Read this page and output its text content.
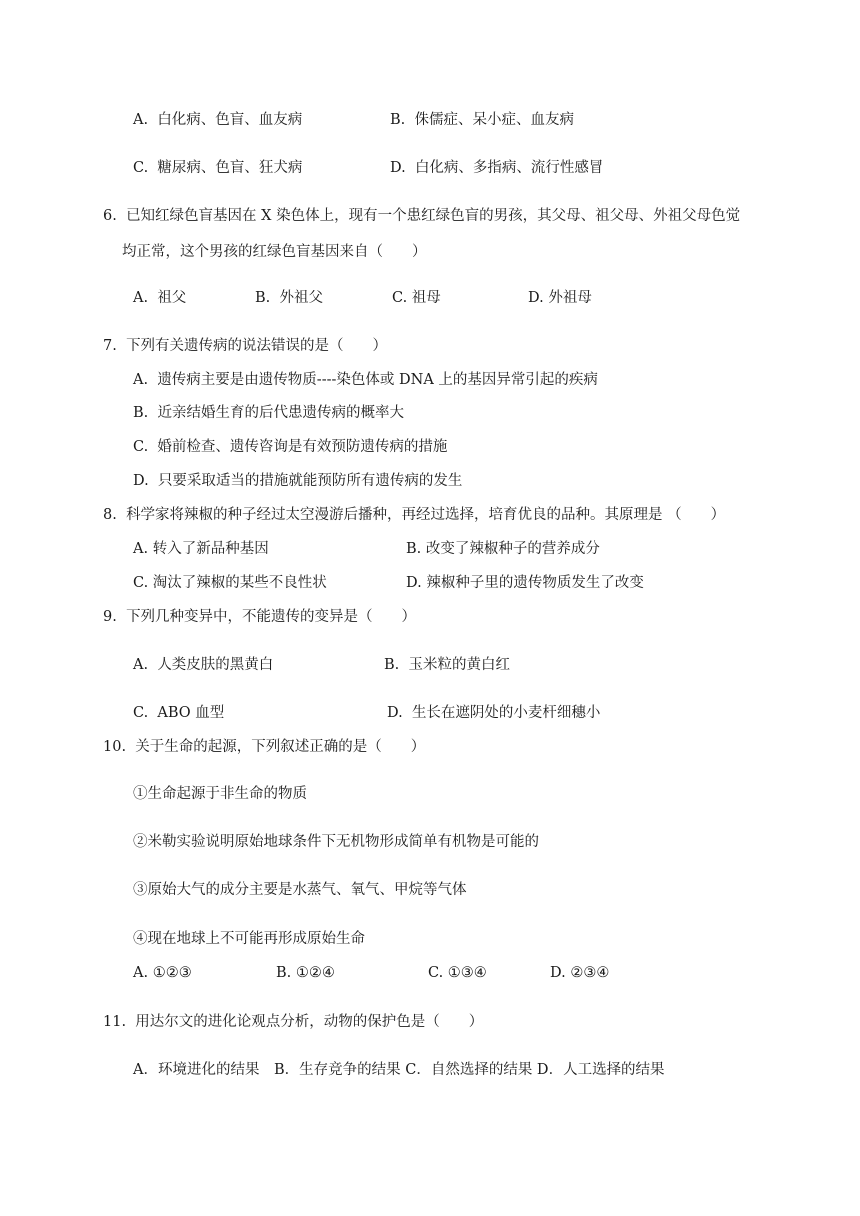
A. 白化病、色盲、血友病	B. 侏儒症、呆小症、血友病
C. 糖尿病、色盲、狂犬病	D. 白化病、多指病、流行性感冒
6. 已知红绿色盲基因在 X 染色体上，现有一个患红绿色盲的男孩，其父母、祖父母、外祖父母色觉
均正常，这个男孩的红绿色盲基因来自（　　）
A. 祖父	B. 外祖父	C. 祖母	D. 外祖母
7. 下列有关遗传病的说法错误的是（　　）
A. 遗传病主要是由遗传物质----染色体或 DNA 上的基因异常引起的疾病
B. 近亲结婚生育的后代患遗传病的概率大
C. 婚前检查、遗传咨询是有效预防遗传病的措施
D. 只要采取适当的措施就能预防所有遗传病的发生
8. 科学家将辣椒的种子经过太空漫游后播种，再经过选择，培育优良的品种。其原理是 （　　）
A. 转入了新品种基因	B. 改变了辣椒种子的营养成分
C. 淘汰了辣椒的某些不良性状	D. 辣椒种子里的遗传物质发生了改变
9. 下列几种变异中，不能遗传的变异是（　　）
A. 人类皮肤的黑黄白	B. 玉米粒的黄白红
C. ABO 血型	D. 生长在遮阴处的小麦杆细穗小
10. 关于生命的起源，下列叙述正确的是（　　）
①生命起源于非生命的物质
②米勒实验说明原始地球条件下无机物形成简单有机物是可能的
③原始大气的成分主要是水蒸气、氧气、甲烷等气体
④现在地球上不可能再形成原始生命
A. ①②③	B. ①②④	C. ①③④	D. ②③④
11. 用达尔文的进化论观点分析，动物的保护色是（　　）
A．环境进化的结果　B．生存竞争的结果 C．自然选择的结果 D．人工选择的结果
